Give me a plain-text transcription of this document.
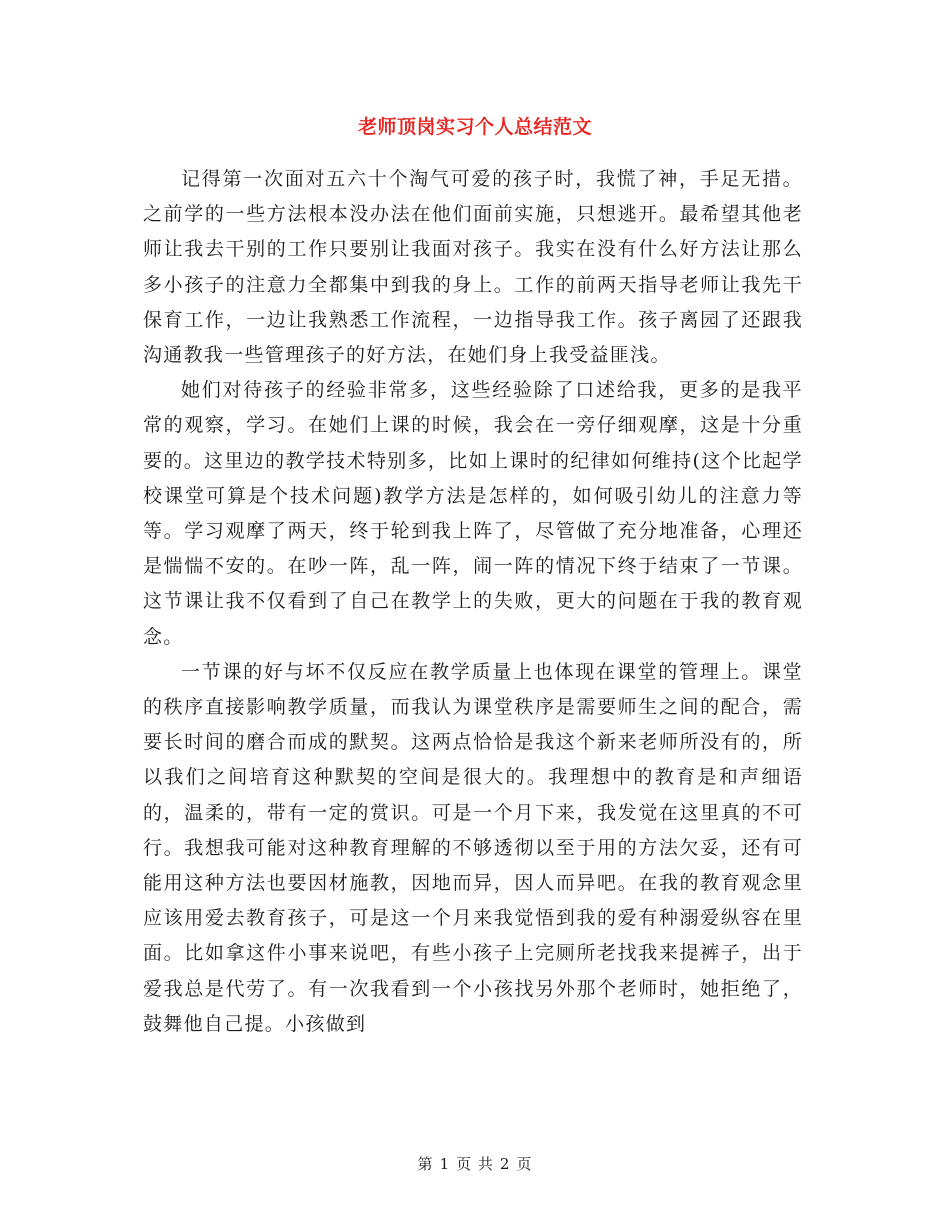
老师顶岗实习个人总结范文

记得第一次面对五六十个淘气可爱的孩子时，我慌了神，手足无措。之前学的一些方法根本没办法在他们面前实施，只想逃开。最希望其他老师让我去干别的工作只要别让我面对孩子。我实在没有什么好方法让那么多小孩子的注意力全都集中到我的身上。工作的前两天指导老师让我先干保育工作，一边让我熟悉工作流程，一边指导我工作。孩子离园了还跟我沟通教我一些管理孩子的好方法，在她们身上我受益匪浅。

她们对待孩子的经验非常多，这些经验除了口述给我，更多的是我平常的观察，学习。在她们上课的时候，我会在一旁仔细观摩，这是十分重要的。这里边的教学技术特别多，比如上课时的纪律如何维持(这个比起学校课堂可算是个技术问题)教学方法是怎样的，如何吸引幼儿的注意力等等。学习观摩了两天，终于轮到我上阵了，尽管做了充分地准备，心理还是惴惴不安的。在吵一阵，乱一阵，闹一阵的情况下终于结束了一节课。这节课让我不仅看到了自己在教学上的失败，更大的问题在于我的教育观念。

一节课的好与坏不仅反应在教学质量上也体现在课堂的管理上。课堂的秩序直接影响教学质量，而我认为课堂秩序是需要师生之间的配合，需要长时间的磨合而成的默契。这两点恰恰是我这个新来老师所没有的，所以我们之间培育这种默契的空间是很大的。我理想中的教育是和声细语的，温柔的，带有一定的赏识。可是一个月下来，我发觉在这里真的不可行。我想我可能对这种教育理解的不够透彻以至于用的方法欠妥，还有可能用这种方法也要因材施教，因地而异，因人而异吧。在我的教育观念里应该用爱去教育孩子，可是这一个月来我觉悟到我的爱有种溺爱纵容在里面。比如拿这件小事来说吧，有些小孩子上完厕所老找我来提裤子，出于爱我总是代劳了。有一次我看到一个小孩找另外那个老师时，她拒绝了，鼓舞他自己提。小孩做到

第 1 页 共 2 页
